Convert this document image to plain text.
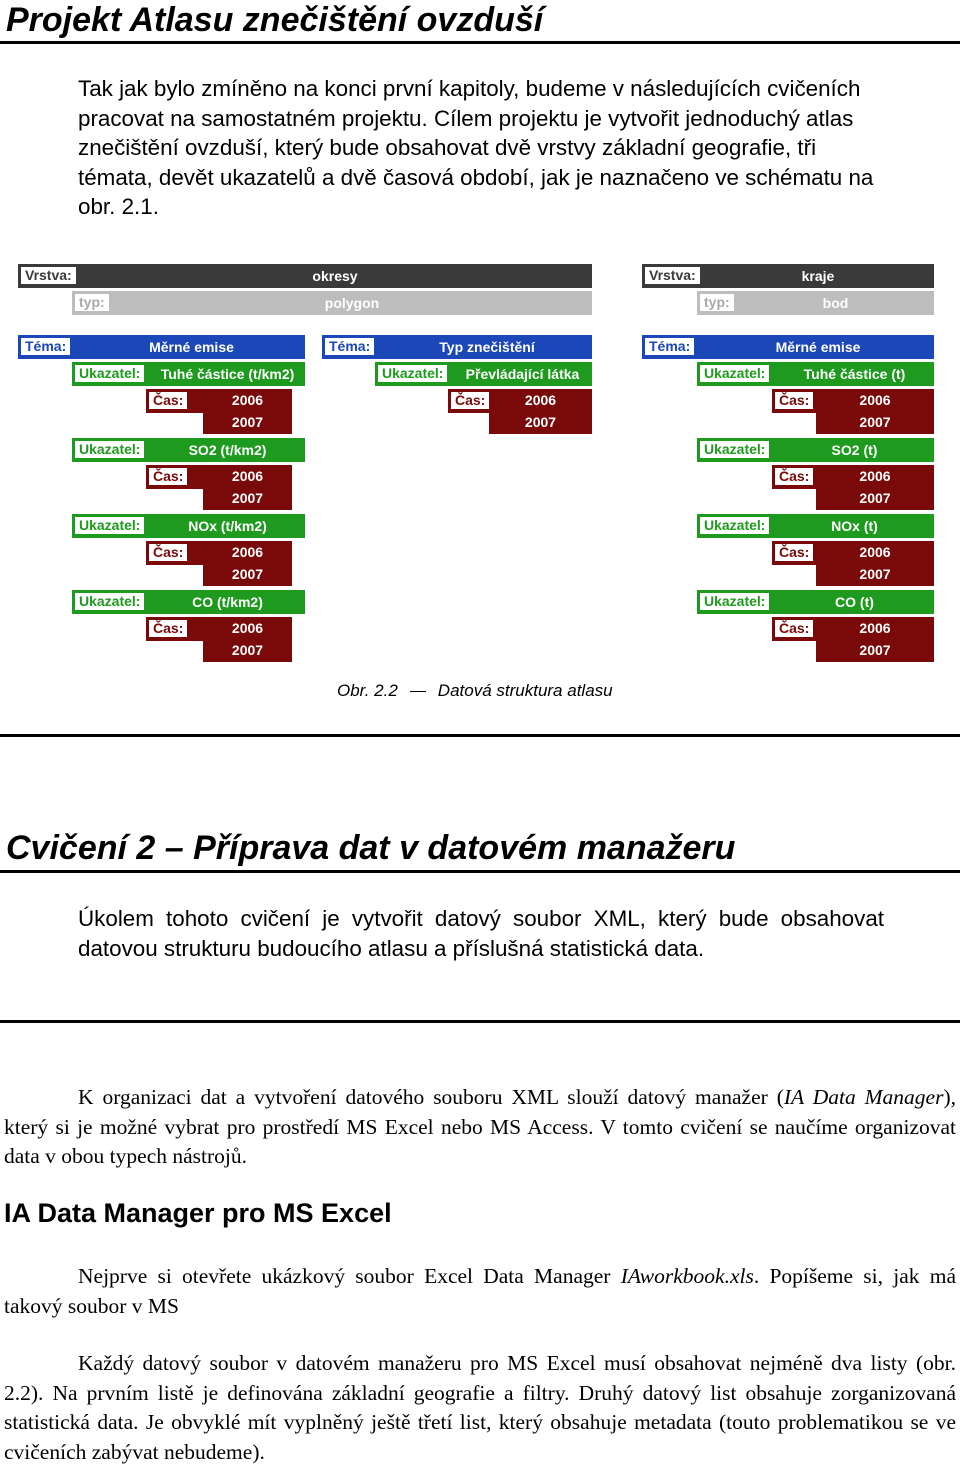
Projekt Atlasu znečištění ovzduší

Tak jak bylo zmíněno na konci první kapitoly, budeme v následujících cvičeních pracovat na samostatném projektu. Cílem projektu je vytvořit jednoduchý atlas znečištění ovzduší, který bude obsahovat dvě vrstvy základní geografie, tři témata, devět ukazatelů a dvě časová období, jak je naznačeno ve schématu na obr. 2.1.

Vrstva:	okresy
typ:	polygon
Vrstva:	kraje
typ:	bod
Téma:	Měrné emise
Ukazatel:	Tuhé částice (t/km2)
Čas:	2006
2007
Ukazatel:	SO2 (t/km2)
Čas:	2006
2007
Ukazatel:	NOx (t/km2)
Čas:	2006
2007
Ukazatel:	CO (t/km2)
Čas:	2006
2007
Téma:	Typ znečištění
Ukazatel:	Převládající látka
Čas:	2006
2007
Téma:	Měrné emise
Ukazatel:	Tuhé částice (t)
Čas:	2006
2007
Ukazatel:	SO2 (t)
Čas:	2006
2007
Ukazatel:	NOx (t)
Čas:	2006
2007
Ukazatel:	CO (t)
Čas:	2006
2007

Obr. 2.2 Datová struktura atlasu

Cvičení 2 – Příprava dat v datovém manažeru

Úkolem tohoto cvičení je vytvořit datový soubor XML, který bude obsahovat datovou strukturu budoucího atlasu a příslušná statistická data.

K organizaci dat a vytvoření datového souboru XML slouží datový manažer (IA Data Manager), který si je možné vybrat pro prostředí MS Excel nebo MS Access. V tomto cvičení se naučíme organizovat data v obou typech nástrojů.

IA Data Manager pro MS Excel

Nejprve si otevřete ukázkový soubor Excel Data Manager IAworkbook.xls. Popíšeme si, jak má takový soubor v MS

Každý datový soubor v datovém manažeru pro MS Excel musí obsahovat nejméně dva listy (obr. 2.2). Na prvním listě je definována základní geografie a filtry. Druhý datový list obsahuje zorganizovaná statistická data. Je obvyklé mít vyplněný ještě třetí list, který obsahuje metadata (touto problematikou se ve cvičeních zabývat nebudeme).
